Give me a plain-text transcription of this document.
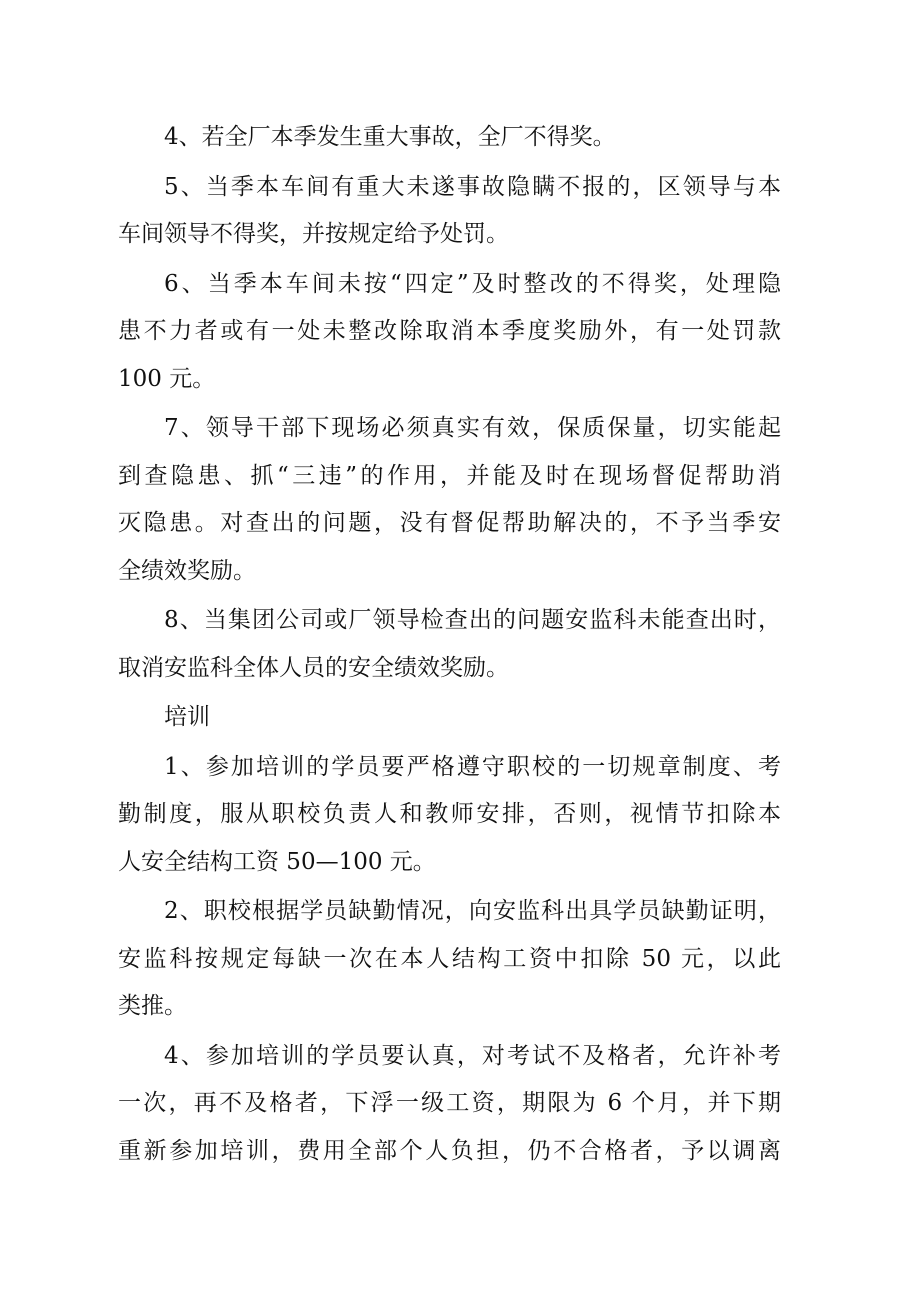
4、若全厂本季发生重大事故，全厂不得奖。

5、当季本车间有重大未遂事故隐瞒不报的，区领导与本
车间领导不得奖，并按规定给予处罚。

6、当季本车间未按“四定”及时整改的不得奖，处理隐
患不力者或有一处未整改除取消本季度奖励外，有一处罚款
100 元。

7、领导干部下现场必须真实有效，保质保量，切实能起
到查隐患、抓“三违”的作用，并能及时在现场督促帮助消
灭隐患。对查出的问题，没有督促帮助解决的，不予当季安
全绩效奖励。

8、当集团公司或厂领导检查出的问题安监科未能查出时，
取消安监科全体人员的安全绩效奖励。

培训

1、参加培训的学员要严格遵守职校的一切规章制度、考
勤制度，服从职校负责人和教师安排，否则，视情节扣除本
人安全结构工资 50—100 元。

2、职校根据学员缺勤情况，向安监科出具学员缺勤证明，
安监科按规定每缺一次在本人结构工资中扣除 50 元，以此
类推。

4、参加培训的学员要认真，对考试不及格者，允许补考
一次，再不及格者，下浮一级工资，期限为 6 个月，并下期
重新参加培训，费用全部个人负担，仍不合格者，予以调离
